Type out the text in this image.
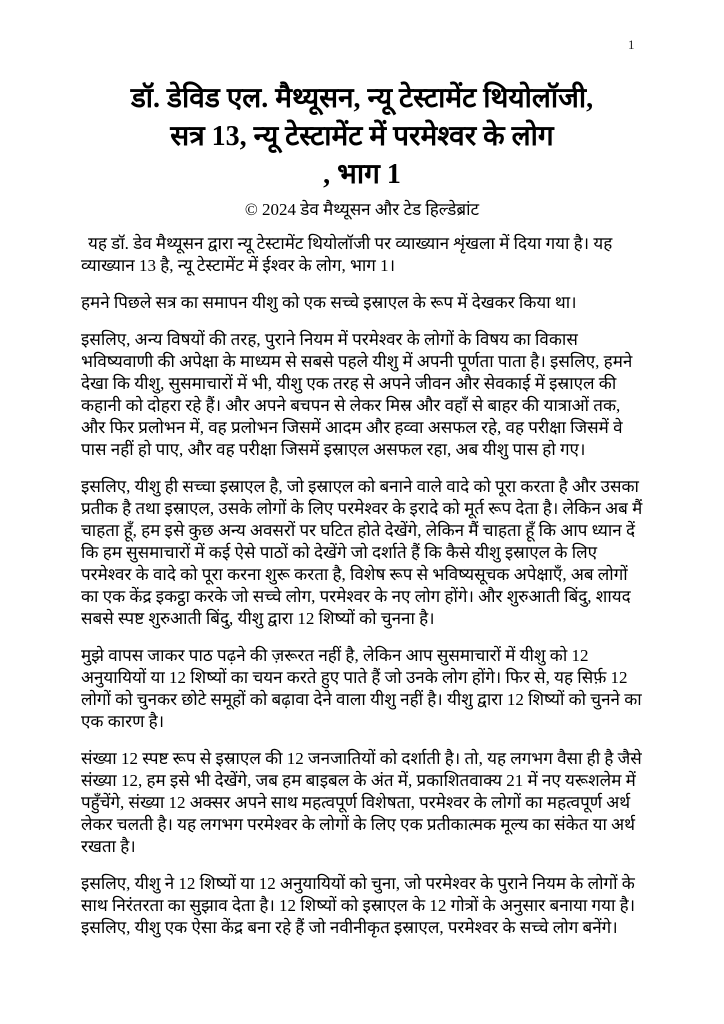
1
डॉ. डेविड एल. मैथ्यूसन, न्यू टेस्टामेंट थियोलॉजी,
सत्र 13, न्यू टेस्टामेंट में परमेश्वर के लोग
, भाग 1

© 2024 डेव मैथ्यूसन और टेड हिल्डेब्रांट

यह डॉ. डेव मैथ्यूसन द्वारा न्यू टेस्टामेंट थियोलॉजी पर व्याख्यान शृंखला में दिया गया है। यह व्याख्यान 13 है, न्यू टेस्टामेंट में ईश्वर के लोग, भाग 1।

हमने पिछले सत्र का समापन यीशु को एक सच्चे इस्राएल के रूप में देखकर किया था।

इसलिए, अन्य विषयों की तरह, पुराने नियम में परमेश्वर के लोगों के विषय का विकास भविष्यवाणी की अपेक्षा के माध्यम से सबसे पहले यीशु में अपनी पूर्णता पाता है। इसलिए, हमने देखा कि यीशु, सुसमाचारों में भी, यीशु एक तरह से अपने जीवन और सेवकाई में इस्राएल की कहानी को दोहरा रहे हैं। और अपने बचपन से लेकर मिस्र और वहाँ से बाहर की यात्राओं तक, और फिर प्रलोभन में, वह प्रलोभन जिसमें आदम और हव्वा असफल रहे, वह परीक्षा जिसमें वे पास नहीं हो पाए, और वह परीक्षा जिसमें इस्राएल असफल रहा, अब यीशु पास हो गए।

इसलिए, यीशु ही सच्चा इस्राएल है, जो इस्राएल को बनाने वाले वादे को पूरा करता है और उसका प्रतीक है तथा इस्राएल, उसके लोगों के लिए परमेश्वर के इरादे को मूर्त रूप देता है। लेकिन अब मैं चाहता हूँ, हम इसे कुछ अन्य अवसरों पर घटित होते देखेंगे, लेकिन मैं चाहता हूँ कि आप ध्यान दें कि हम सुसमाचारों में कई ऐसे पाठों को देखेंगे जो दर्शाते हैं कि कैसे यीशु इस्राएल के लिए परमेश्वर के वादे को पूरा करना शुरू करता है, विशेष रूप से भविष्यसूचक अपेक्षाएँ, अब लोगों का एक केंद्र इकट्ठा करके जो सच्चे लोग, परमेश्वर के नए लोग होंगे। और शुरुआती बिंदु, शायद सबसे स्पष्ट शुरुआती बिंदु, यीशु द्वारा 12 शिष्यों को चुनना है।

मुझे वापस जाकर पाठ पढ़ने की ज़रूरत नहीं है, लेकिन आप सुसमाचारों में यीशु को 12 अनुयायियों या 12 शिष्यों का चयन करते हुए पाते हैं जो उनके लोग होंगे। फिर से, यह सिर्फ़ 12 लोगों को चुनकर छोटे समूहों को बढ़ावा देने वाला यीशु नहीं है। यीशु द्वारा 12 शिष्यों को चुनने का एक कारण है।

संख्या 12 स्पष्ट रूप से इस्राएल की 12 जनजातियों को दर्शाती है। तो, यह लगभग वैसा ही है जैसे संख्या 12, हम इसे भी देखेंगे, जब हम बाइबल के अंत में, प्रकाशितवाक्य 21 में नए यरूशलेम में पहुँचेंगे, संख्या 12 अक्सर अपने साथ महत्वपूर्ण विशेषता, परमेश्वर के लोगों का महत्वपूर्ण अर्थ लेकर चलती है। यह लगभग परमेश्वर के लोगों के लिए एक प्रतीकात्मक मूल्य का संकेत या अर्थ रखता है।

इसलिए, यीशु ने 12 शिष्यों या 12 अनुयायियों को चुना, जो परमेश्वर के पुराने नियम के लोगों के साथ निरंतरता का सुझाव देता है। 12 शिष्यों को इस्राएल के 12 गोत्रों के अनुसार बनाया गया है। इसलिए, यीशु एक ऐसा केंद्र बना रहे हैं जो नवीनीकृत इस्राएल, परमेश्वर के सच्चे लोग बनेंगे।
